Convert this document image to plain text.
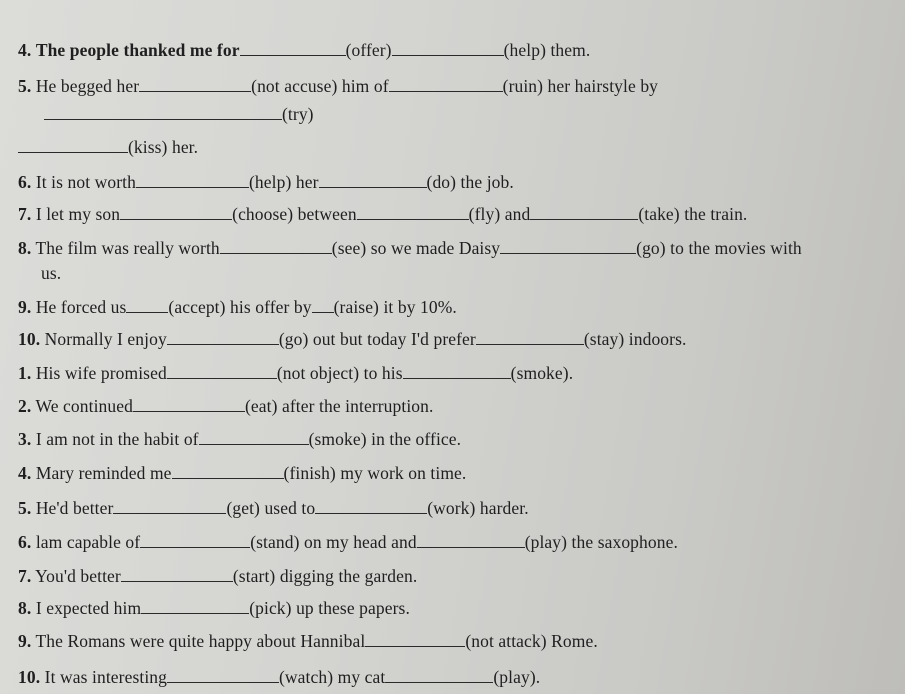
4. The people thanked me for	(offer)	(help) them.
5. He begged her	(not accuse) him of	(ruin) her hairstyle by
(try)
(kiss) her.
6. It is not worth	(help) her	(do) the job.
7. I let my son	(choose) between	(fly) and	(take) the train.
8. The film was really worth	(see) so we made Daisy	(go) to the movies with
us.
9. He forced us (accept) his offer by (raise) it by 10%.
10. Normally I enjoy	(go) out but today I'd prefer	(stay) indoors.
1. His wife promised	(not object) to his	(smoke).
2. We continued	(eat) after the interruption.
3. I am not in the habit of	(smoke) in the office.
4. Mary reminded me	(finish) my work on time.
5. He'd better	(get) used to	(work) harder.
6. lam capable of	(stand) on my head and	(play) the saxophone.
7. You'd better	(start) digging the garden.
8. I expected him	(pick) up these papers.
9. The Romans were quite happy about Hannibal	(not attack) Rome.
10. It was interesting	(watch) my cat	(play).
